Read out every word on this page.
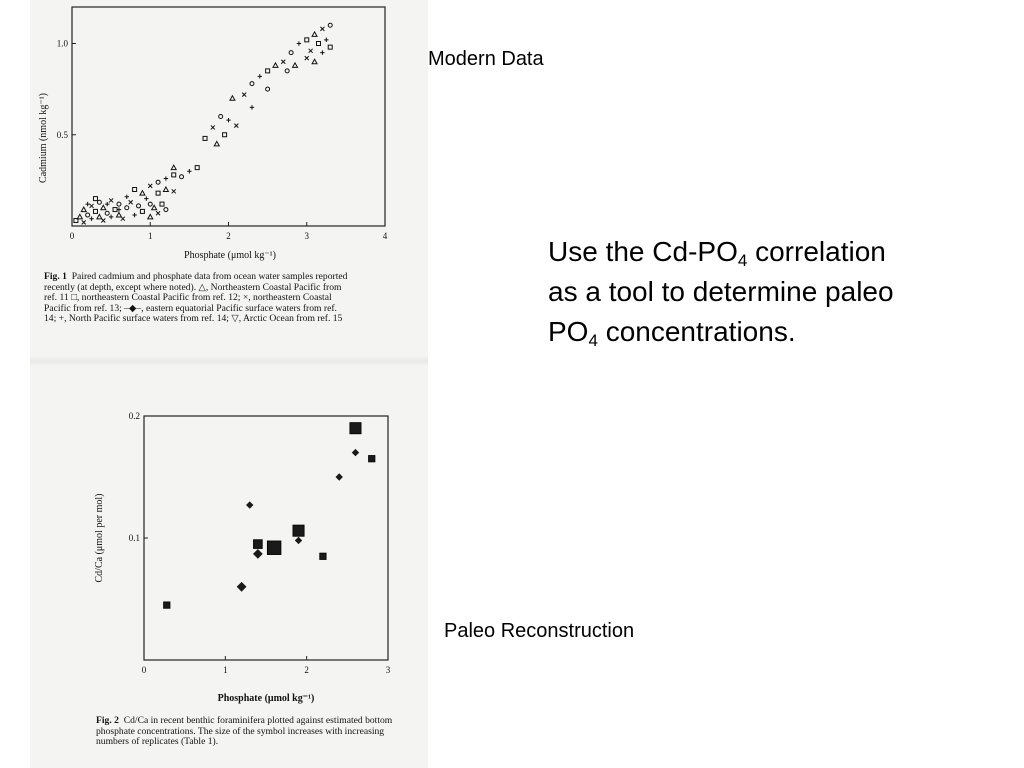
Phosphate (μmol kg⁻¹)
Cadmium (nmol kg⁻¹)
0	1	2	3	4
0.5
1.0

Fig. 1 Paired cadmium and phosphate data from ocean water samples reported recently (at depth, except where noted). △, Northeastern Coastal Pacific from ref. 11 □, northeastern Coastal Pacific from ref. 12; ×, northeastern Coastal Pacific from ref. 13; –◆–, eastern equatorial Pacific surface waters from ref. 14; +, North Pacific surface waters from ref. 14; ▽, Arctic Ocean from ref. 15

Phosphate (μmol kg⁻¹)
Cd/Ca (μmol per mol)
0	1	2	3
0.1
0.2

Fig. 2 Cd/Ca in recent benthic foraminifera plotted against estimated bottom phosphate concentrations. The size of the symbol increases with increasing numbers of replicates (Table 1).

Modern Data
Paleo Reconstruction
Use the $Cd-PO_4$ correlation
as a tool to determine paleo
$PO_4$ concentrations.
